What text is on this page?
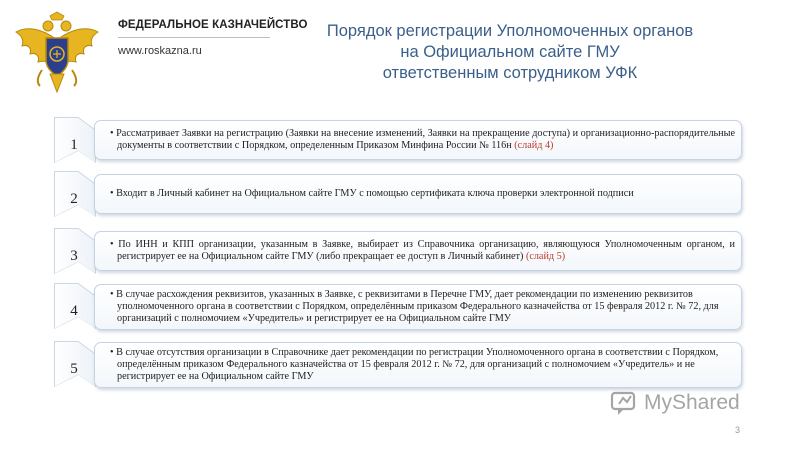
ФЕДЕРАЛЬНОЕ КАЗНАЧЕЙСТВО
www.roskazna.ru
Порядок регистрации Уполномоченных органов
на Официальном сайте ГМУ
ответственным сотрудником УФК
1

• Рассматривает Заявки на регистрацию (Заявки на внесение изменений, Заявки на прекращение доступа) и организационно-распорядительные документы в соответствии с Порядком, определенным Приказом Минфина России № 116н (слайд 4)

2	• Входит в Личный кабинет на Официальном сайте ГМУ с помощью сертификата ключа проверки электронной подписи

3

• По ИНН и КПП организации, указанным в Заявке, выбирает из Справочника организацию, являющуюся Уполномоченным органом, и регистрирует ее на Официальном сайте ГМУ (либо прекращает ее доступ в Личный кабинет) (слайд 5)

4

• В случае расхождения реквизитов, указанных в Заявке, с реквизитами в Перечне ГМУ, дает рекомендации по изменению реквизитов уполномоченного органа в соответствии с Порядком, определённым приказом Федерального казначейства от 15 февраля 2012 г. № 72, для организаций с полномочием «Учредитель» и регистрирует ее на Официальном сайте ГМУ

5

• В случае отсутствия организации в Справочнике дает рекомендации по регистрации Уполномоченного органа в соответствии с Порядком, определённым приказом Федерального казначейства от 15 февраля 2012 г. № 72, для организаций с полномочием «Учредитель» и не регистрирует ее на Официальном сайте ГМУ

MyShared
3
